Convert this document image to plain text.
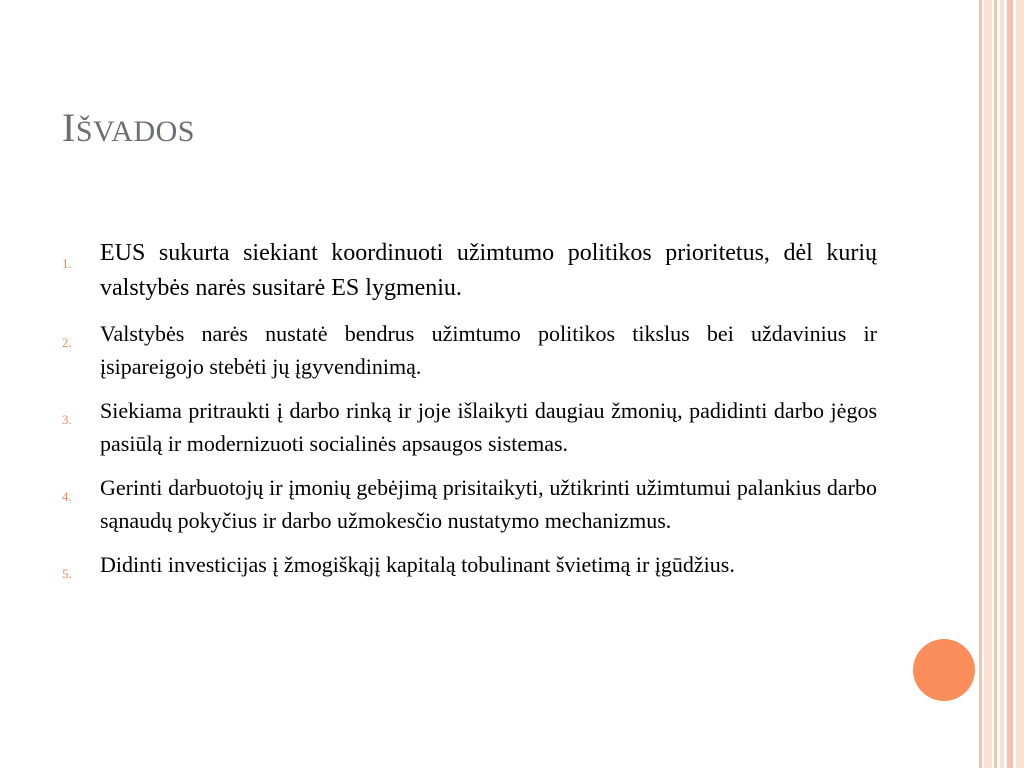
IŠVADOS
1. EUS sukurta siekiant koordinuoti užimtumo politikos prioritetus, dėl kurių valstybės narės susitarė ES lygmeniu.
2. Valstybės narės nustatė bendrus užimtumo politikos tikslus bei uždavinius ir įsipareigojo stebėti jų įgyvendinimą.
3. Siekiama pritraukti į darbo rinką ir joje išlaikyti daugiau žmonių, padidinti darbo jėgos pasiūlą ir modernizuoti socialinės apsaugos sistemas.
4. Gerinti darbuotojų ir įmonių gebėjimą prisitaikyti, užtikrinti užimtumui palankius darbo sąnaudų pokyčius ir darbo užmokesčio nustatymo mechanizmus.
5. Didinti investicijas į žmogiškąjį kapitalą tobulinant švietimą ir įgūdžius.
